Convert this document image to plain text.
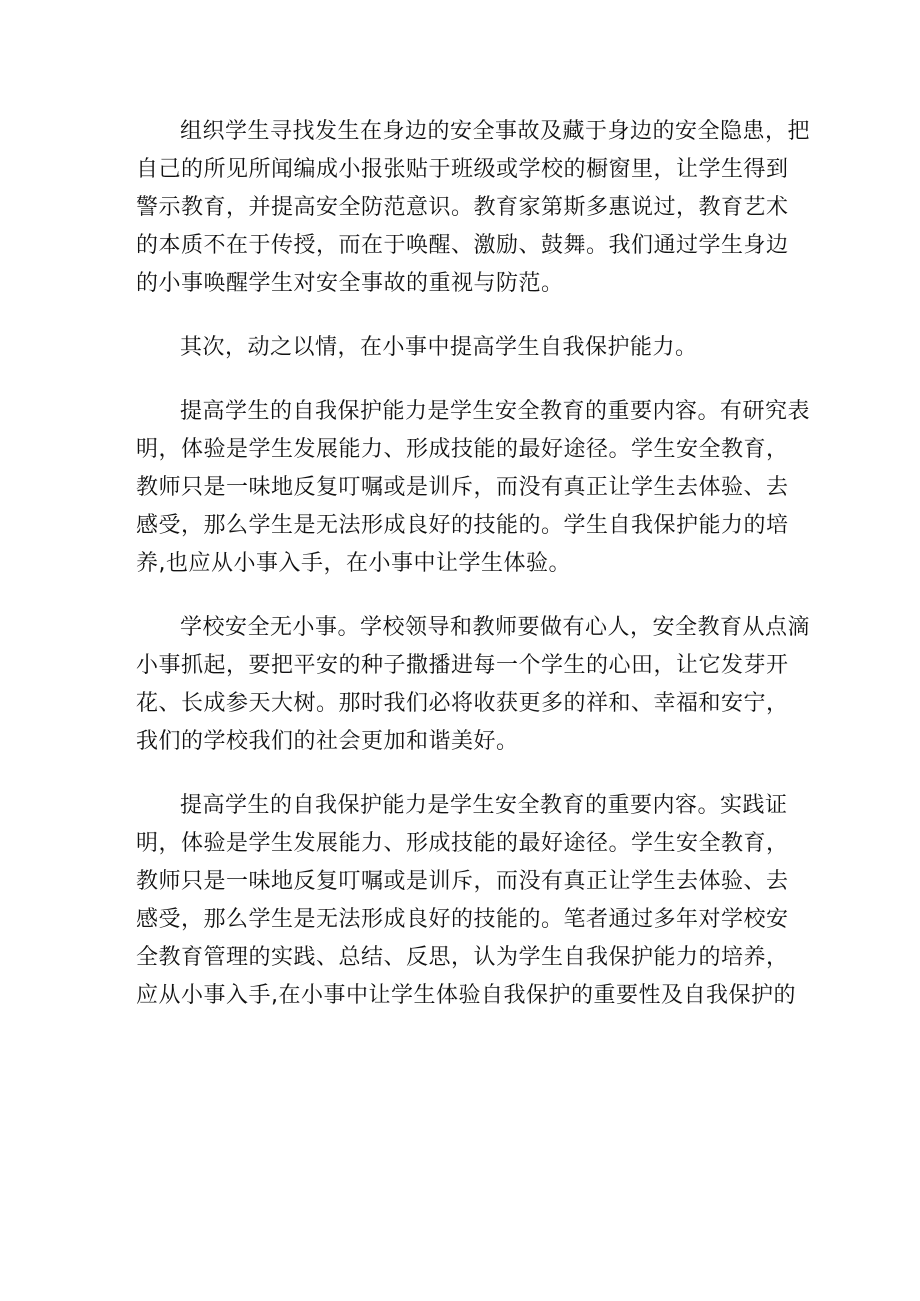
组织学生寻找发生在身边的安全事故及藏于身边的安全隐患，把
自己的所见所闻编成小报张贴于班级或学校的橱窗里，让学生得到
警示教育，并提高安全防范意识。教育家第斯多惠说过，教育艺术
的本质不在于传授，而在于唤醒、激励、鼓舞。我们通过学生身边
的小事唤醒学生对安全事故的重视与防范。

其次，动之以情，在小事中提高学生自我保护能力。

提高学生的自我保护能力是学生安全教育的重要内容。有研究表
明，体验是学生发展能力、形成技能的最好途径。学生安全教育，
教师只是一味地反复叮嘱或是训斥，而没有真正让学生去体验、去
感受，那么学生是无法形成良好的技能的。学生自我保护能力的培
养,也应从小事入手，在小事中让学生体验。

学校安全无小事。学校领导和教师要做有心人，安全教育从点滴
小事抓起，要把平安的种子撒播进每一个学生的心田，让它发芽开
花、长成参天大树。那时我们必将收获更多的祥和、幸福和安宁，
我们的学校我们的社会更加和谐美好。

提高学生的自我保护能力是学生安全教育的重要内容。实践证
明，体验是学生发展能力、形成技能的最好途径。学生安全教育，
教师只是一味地反复叮嘱或是训斥，而没有真正让学生去体验、去
感受，那么学生是无法形成良好的技能的。笔者通过多年对学校安
全教育管理的实践、总结、反思，认为学生自我保护能力的培养，
应从小事入手,在小事中让学生体验自我保护的重要性及自我保护的
